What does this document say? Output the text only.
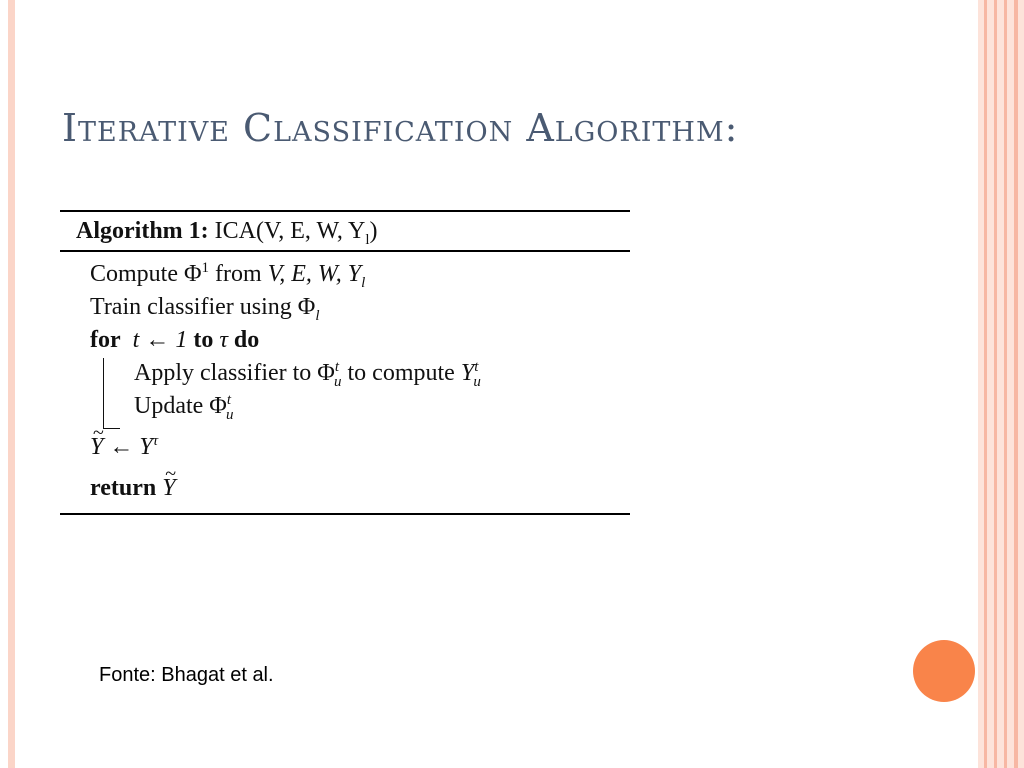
Iterative Classification Algorithm:
Algorithm 1: ICA(V, E, W, $Y_l$)
Compute $\Phi^1$ from V, E, W, $Y_l$
Train classifier using $\Phi_l$
for t ← 1 to τ do
Apply classifier to $\Phi^t_u$ to compute $Y^t_u$
Update $\Phi^t_u$
~ Y ← $Y^\tau$
return ~ Y
Fonte: Bhagat et al.
